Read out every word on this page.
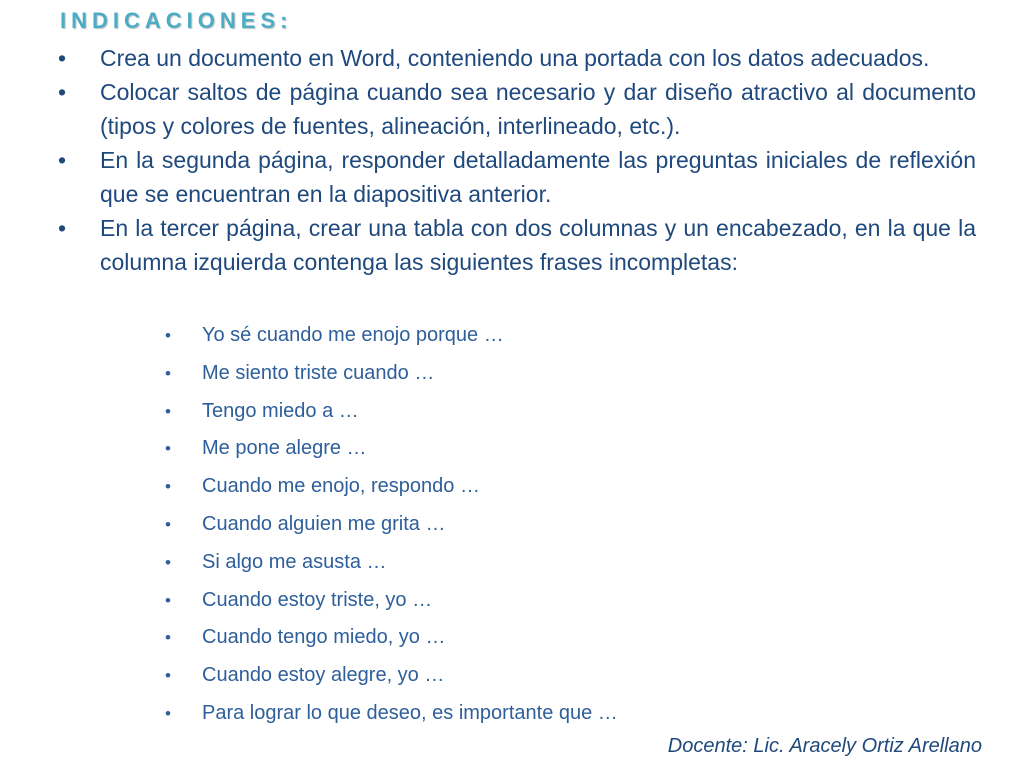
INDICACIONES:
•	Crea un documento en Word, conteniendo una portada con los datos adecuados.
•	Colocar saltos de página cuando sea necesario y dar diseño atractivo al documento (tipos y colores de fuentes, alineación, interlineado, etc.).
•	En la segunda página, responder detalladamente las preguntas iniciales de reflexión que se encuentran en la diapositiva anterior.
•	En la tercer página, crear una tabla con dos columnas y un encabezado, en la que la columna izquierda contenga las siguientes frases incompletas:
• Yo sé cuando me enojo porque …
• Me siento triste cuando …
• Tengo miedo a …
• Me pone alegre …
• Cuando me enojo, respondo …
• Cuando alguien me grita …
• Si algo me asusta …
• Cuando estoy triste, yo …
• Cuando tengo miedo, yo …
• Cuando estoy alegre, yo …
• Para lograr lo que deseo, es importante que …
Docente: Lic. Aracely Ortiz Arellano
